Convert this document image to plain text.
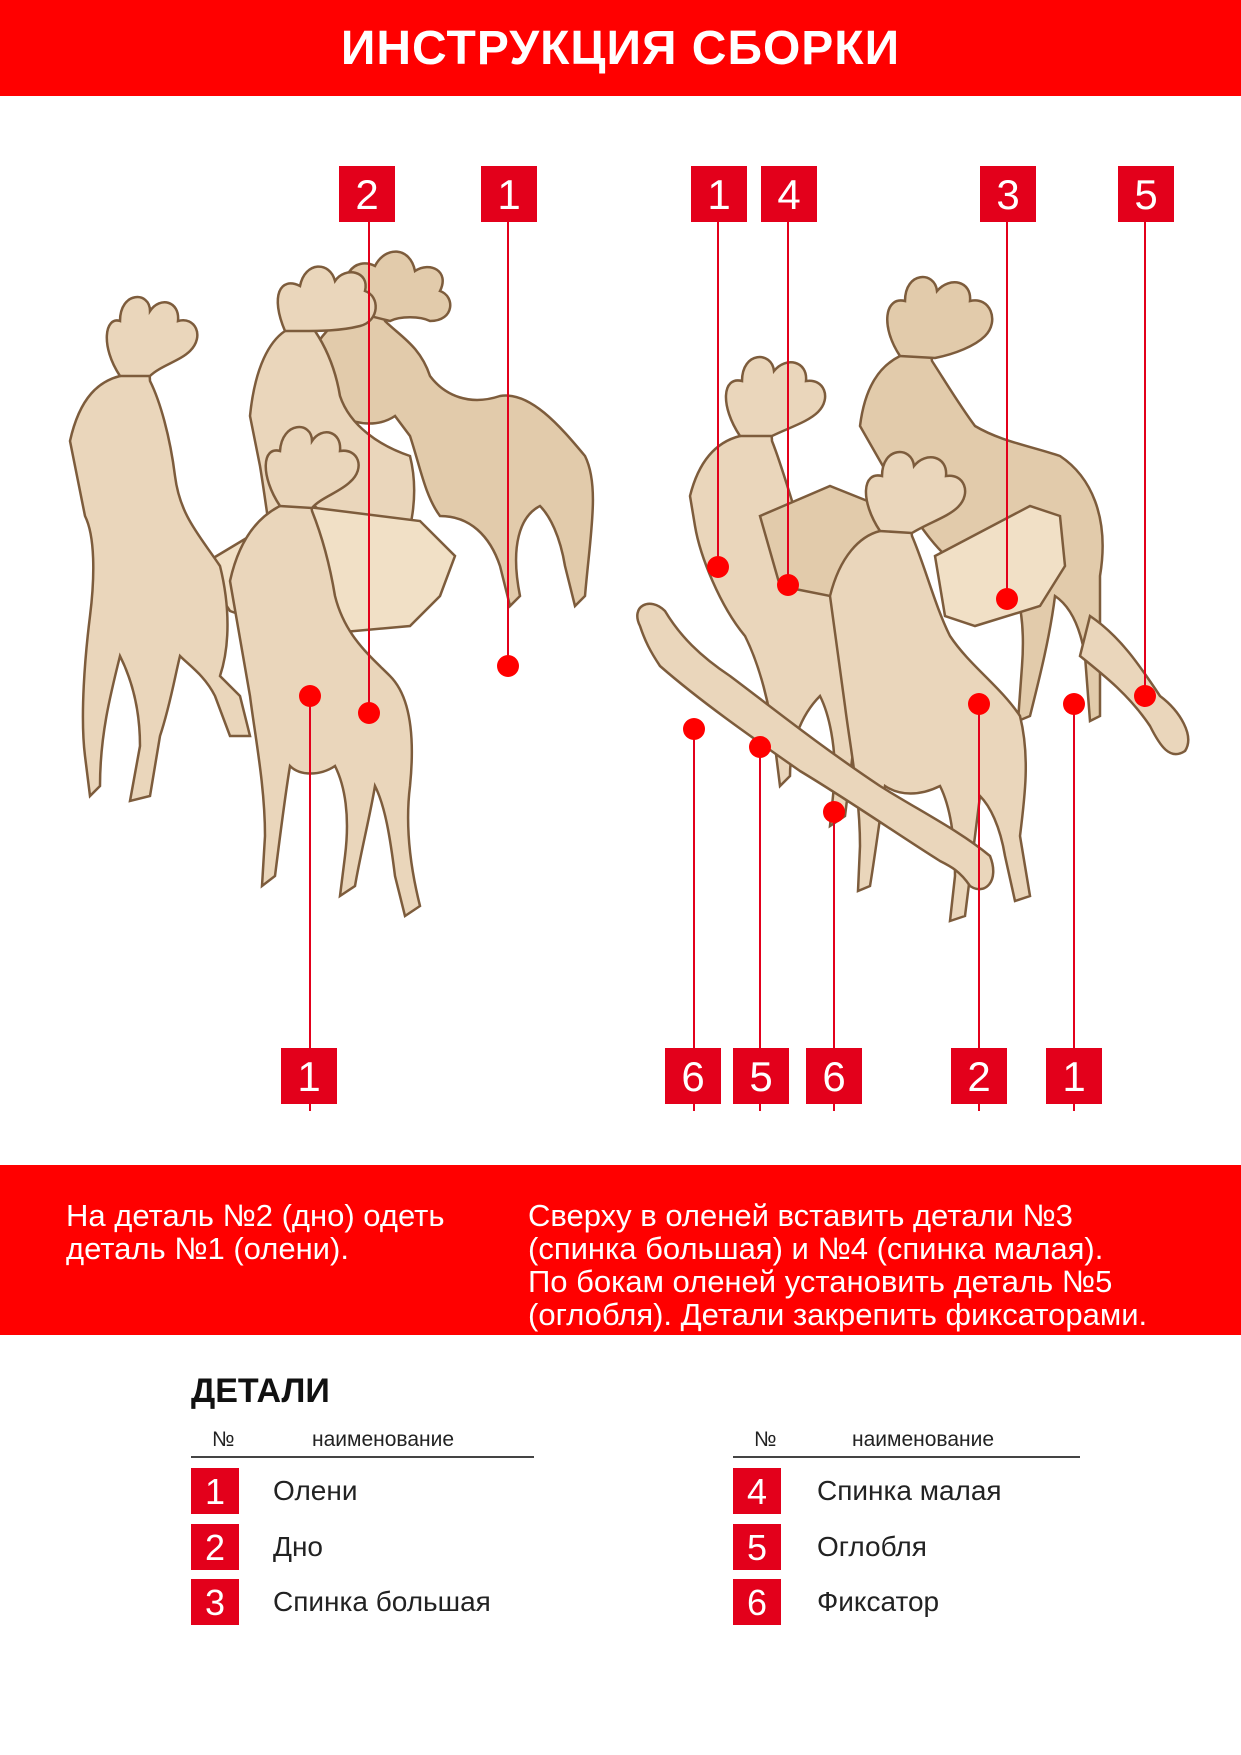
ИНСТРУКЦИЯ СБОРКИ
2	1
1
1	4	3	5
6	5	6	2	1

На деталь №2 (дно) одеть
деталь №1 (олени).

Сверху в оленей вставить детали №3
(спинка большая) и №4 (спинка малая).
По бокам оленей установить деталь №5
(оглобля). Детали закрепить фиксаторами.

ДЕТАЛИ
№	наименование	№	наименование
1	Олени
2	Дно
3	Спинка большая
4	Спинка малая
5	Оглобля
6	Фиксатор
